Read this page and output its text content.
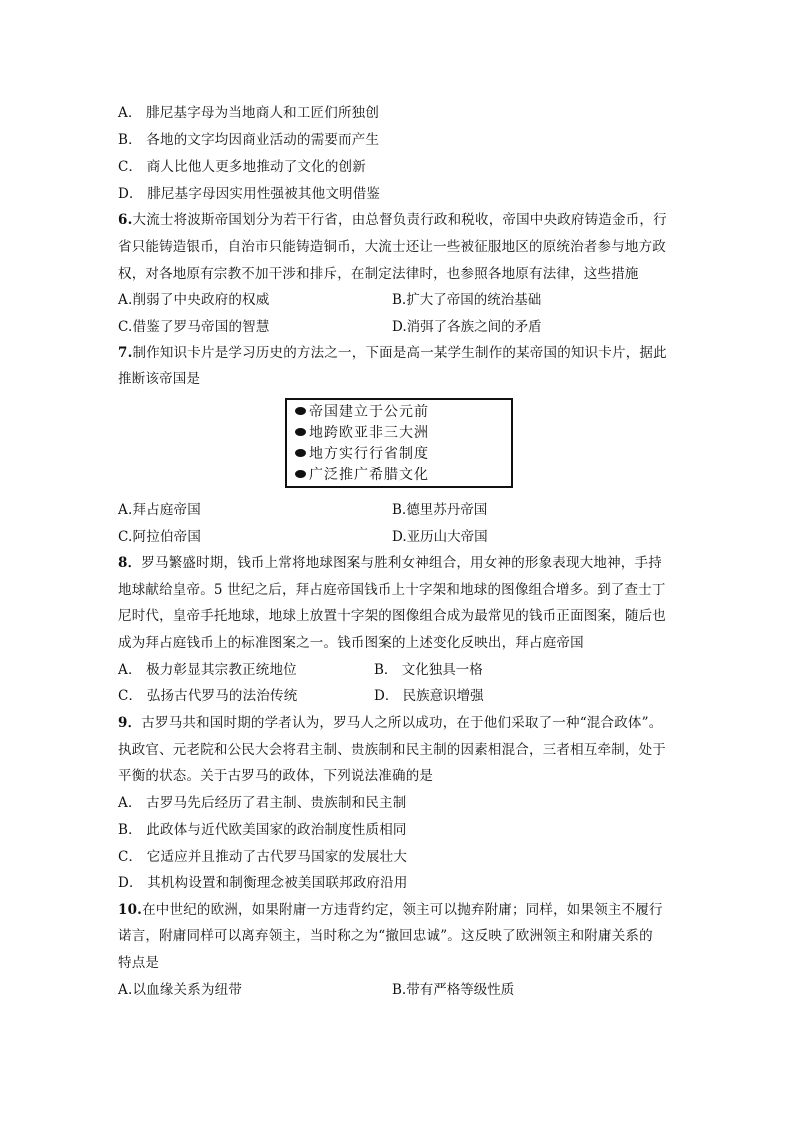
A． 腓尼基字母为当地商人和工匠们所独创
B． 各地的文字均因商业活动的需要而产生
C． 商人比他人更多地推动了文化的创新
D． 腓尼基字母因实用性强被其他文明借鉴
6.大流士将波斯帝国划分为若干行省，由总督负责行政和税收，帝国中央政府铸造金币，行
省只能铸造银币，自治市只能铸造铜币，大流士还让一些被征服地区的原统治者参与地方政
权，对各地原有宗教不加干涉和排斥，在制定法律时，也参照各地原有法律，这些措施
A.削弱了中央政府的权威	B.扩大了帝国的统治基础
C.借鉴了罗马帝国的智慧	D.消弭了各族之间的矛盾
7.制作知识卡片是学习历史的方法之一，下面是高一某学生制作的某帝国的知识卡片，据此
推断该帝国是
帝国建立于公元前
地跨欧亚非三大洲
地方实行行省制度
广泛推广希腊文化
A.拜占庭帝国	B.德里苏丹帝国
C.阿拉伯帝国	D.亚历山大帝国
8．罗马繁盛时期，钱币上常将地球图案与胜利女神组合，用女神的形象表现大地神，手持
地球献给皇帝。5 世纪之后，拜占庭帝国钱币上十字架和地球的图像组合增多。到了查士丁
尼时代，皇帝手托地球，地球上放置十字架的图像组合成为最常见的钱币正面图案，随后也
成为拜占庭钱币上的标准图案之一。钱币图案的上述变化反映出，拜占庭帝国
A． 极力彰显其宗教正统地位	B． 文化独具一格
C． 弘扬古代罗马的法治传统	D． 民族意识增强
9．古罗马共和国时期的学者认为，罗马人之所以成功，在于他们采取了一种“混合政体”。
执政官、元老院和公民大会将君主制、贵族制和民主制的因素相混合，三者相互牵制，处于
平衡的状态。关于古罗马的政体，下列说法准确的是
A． 古罗马先后经历了君主制、贵族制和民主制
B． 此政体与近代欧美国家的政治制度性质相同
C． 它适应并且推动了古代罗马国家的发展壮大
D． 其机构设置和制衡理念被美国联邦政府沿用
10.在中世纪的欧洲，如果附庸一方违背约定，领主可以抛弃附庸；同样，如果领主不履行
诺言，附庸同样可以离弃领主，当时称之为“撤回忠诚”。这反映了欧洲领主和附庸关系的
特点是
A.以血缘关系为纽带	B.带有严格等级性质
